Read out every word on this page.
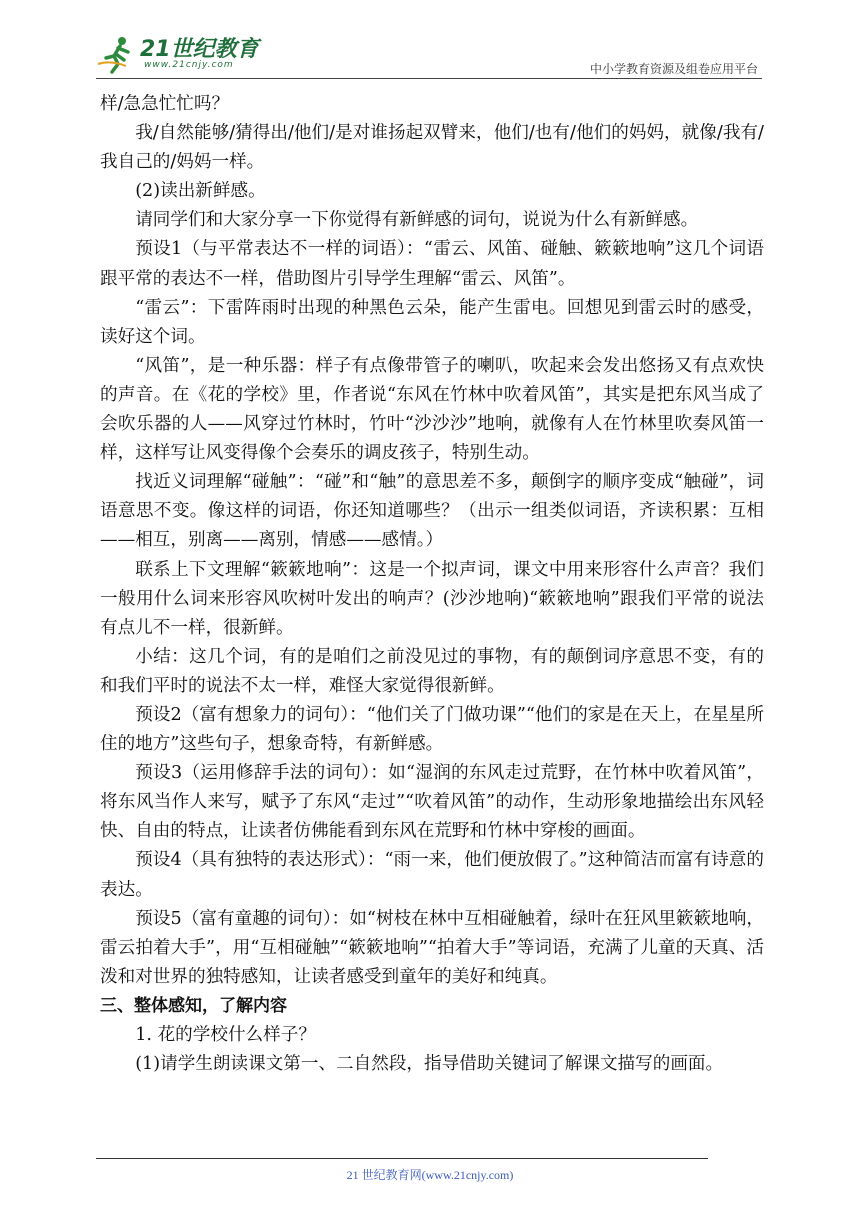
21世纪教育
www.21cnjy.com	中小学教育资源及组卷应用平台

样/急急忙忙吗？

我/自然能够/猜得出/他们/是对谁扬起双臂来，他们/也有/他们的妈妈，就像/我有/我自己的/妈妈一样。

(2)读出新鲜感。

请同学们和大家分享一下你觉得有新鲜感的词句，说说为什么有新鲜感。

预设1（与平常表达不一样的词语）：“雷云、风笛、碰触、簌簌地响”这几个词语跟平常的表达不一样，借助图片引导学生理解“雷云、风笛”。

“雷云”：下雷阵雨时出现的种黑色云朵，能产生雷电。回想见到雷云时的感受，读好这个词。

“风笛”，是一种乐器：样子有点像带管子的喇叭，吹起来会发出悠扬又有点欢快的声音。在《花的学校》里，作者说“东风在竹林中吹着风笛”，其实是把东风当成了会吹乐器的人——风穿过竹林时，竹叶“沙沙沙”地响，就像有人在竹林里吹奏风笛一样，这样写让风变得像个会奏乐的调皮孩子，特别生动。

找近义词理解“碰触”：“碰”和“触”的意思差不多，颠倒字的顺序变成“触碰”，词语意思不变。像这样的词语，你还知道哪些？（出示一组类似词语，齐读积累：互相——相互，别离——离别，情感——感情。）

联系上下文理解“簌簌地响”：这是一个拟声词，课文中用来形容什么声音？我们一般用什么词来形容风吹树叶发出的响声？(沙沙地响)“簌簌地响”跟我们平常的说法有点儿不一样，很新鲜。

小结：这几个词，有的是咱们之前没见过的事物，有的颠倒词序意思不变，有的和我们平时的说法不太一样，难怪大家觉得很新鲜。

预设2（富有想象力的词句）：“他们关了门做功课”“他们的家是在天上，在星星所住的地方”这些句子，想象奇特，有新鲜感。

预设3（运用修辞手法的词句）：如“湿润的东风走过荒野，在竹林中吹着风笛”，将东风当作人来写，赋予了东风“走过”“吹着风笛”的动作，生动形象地描绘出东风轻快、自由的特点，让读者仿佛能看到东风在荒野和竹林中穿梭的画面。

预设4（具有独特的表达形式）：“雨一来，他们便放假了。”这种简洁而富有诗意的表达。

预设5（富有童趣的词句）：如“树枝在林中互相碰触着，绿叶在狂风里簌簌地响，雷云拍着大手”，用“互相碰触”“簌簌地响”“拍着大手”等词语，充满了儿童的天真、活泼和对世界的独特感知，让读者感受到童年的美好和纯真。

三、整体感知，了解内容

1. 花的学校什么样子？

(1)请学生朗读课文第一、二自然段，指导借助关键词了解课文描写的画面。

21 世纪教育网(www.21cnjy.com)
